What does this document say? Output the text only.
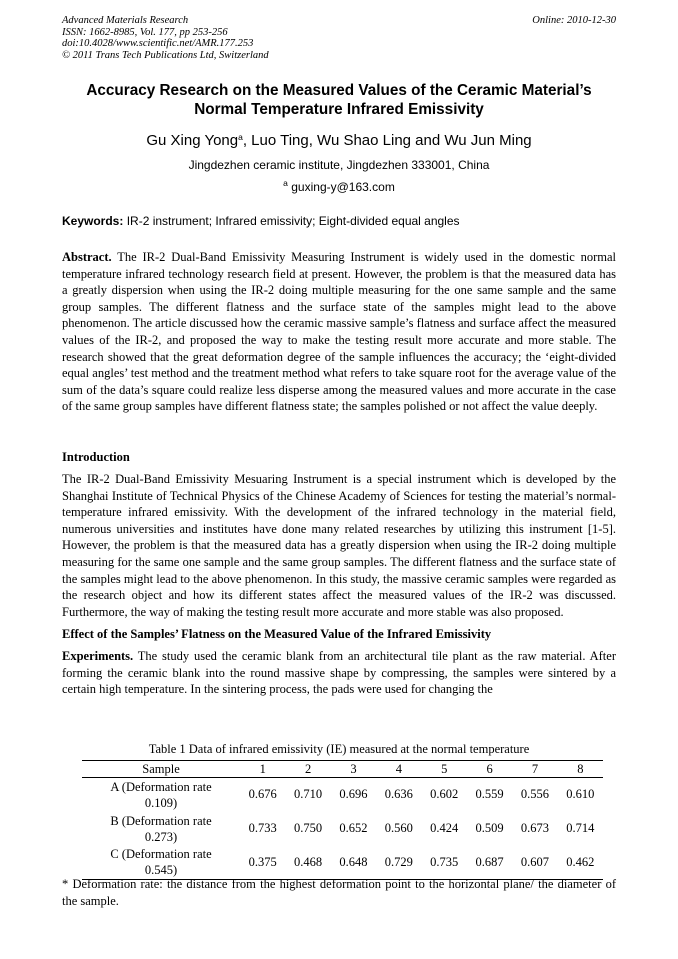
Advanced Materials Research
ISSN: 1662-8985, Vol. 177, pp 253-256
doi:10.4028/www.scientific.net/AMR.177.253
© 2011 Trans Tech Publications Ltd, Switzerland
Online: 2010-12-30
Accuracy Research on the Measured Values of the Ceramic Material’s
Normal Temperature Infrared Emissivity
Gu Xing Yong$^a$, Luo Ting, Wu Shao Ling and Wu Jun Ming
Jingdezhen ceramic institute, Jingdezhen 333001, China
$^a$ guxing-y@163.com
Keywords: IR-2 instrument; Infrared emissivity; Eight-divided equal angles
Abstract. The IR-2 Dual-Band Emissivity Measuring Instrument is widely used in the domestic normal temperature infrared technology research field at present. However, the problem is that the measured data has a greatly dispersion when using the IR-2 doing multiple measuring for the one same sample and the same group samples. The different flatness and the surface state of the samples might lead to the above phenomenon. The article discussed how the ceramic massive sample’s flatness and surface affect the measured values of the IR-2, and proposed the way to make the testing result more accurate and more stable. The research showed that the great deformation degree of the sample influences the accuracy; the ‘eight-divided equal angles’ test method and the treatment method what refers to take square root for the average value of the sum of the data’s square could realize less disperse among the measured values and more accurate in the case of the same group samples have different flatness state; the samples polished or not affect the value deeply.
Introduction
The IR-2 Dual-Band Emissivity Mesuaring Instrument is a special instrument which is developed by the Shanghai Institute of Technical Physics of the Chinese Academy of Sciences for testing the material’s normal-temperature infrared emissivity. With the development of the infrared technology in the material field, numerous universities and institutes have done many related researches by utilizing this instrument [1-5]. However, the problem is that the measured data has a greatly dispersion when using the IR-2 doing multiple measuring for the same one sample and the same group samples. The different flatness and the surface state of the samples might lead to the above phenomenon. In this study, the massive ceramic samples were regarded as the research object and how its different states affect the measured values of the IR-2 was discussed. Furthermore, the way of making the testing result more accurate and more stable was also proposed.
Effect of the Samples’ Flatness on the Measured Value of the Infrared Emissivity
Experiments. The study used the ceramic blank from an architectural tile plant as the raw material. After forming the ceramic blank into the round massive shape by compressing, the samples were sintered by a certain high temperature. In the sintering process, the pads were used for changing the
Table 1 Data of infrared emissivity (IE) measured at the normal temperature
Sample	1	2	3	4	5	6	7	8
A (Deformation rate
0.109)	0.676	0.710	0.696	0.636	0.602	0.559	0.556	0.610
B (Deformation rate
0.273)	0.733	0.750	0.652	0.560	0.424	0.509	0.673	0.714
C (Deformation rate
0.545)	0.375	0.468	0.648	0.729	0.735	0.687	0.607	0.462
* Deformation rate: the distance from the highest deformation point to the horizontal plane/ the diameter of the sample.
